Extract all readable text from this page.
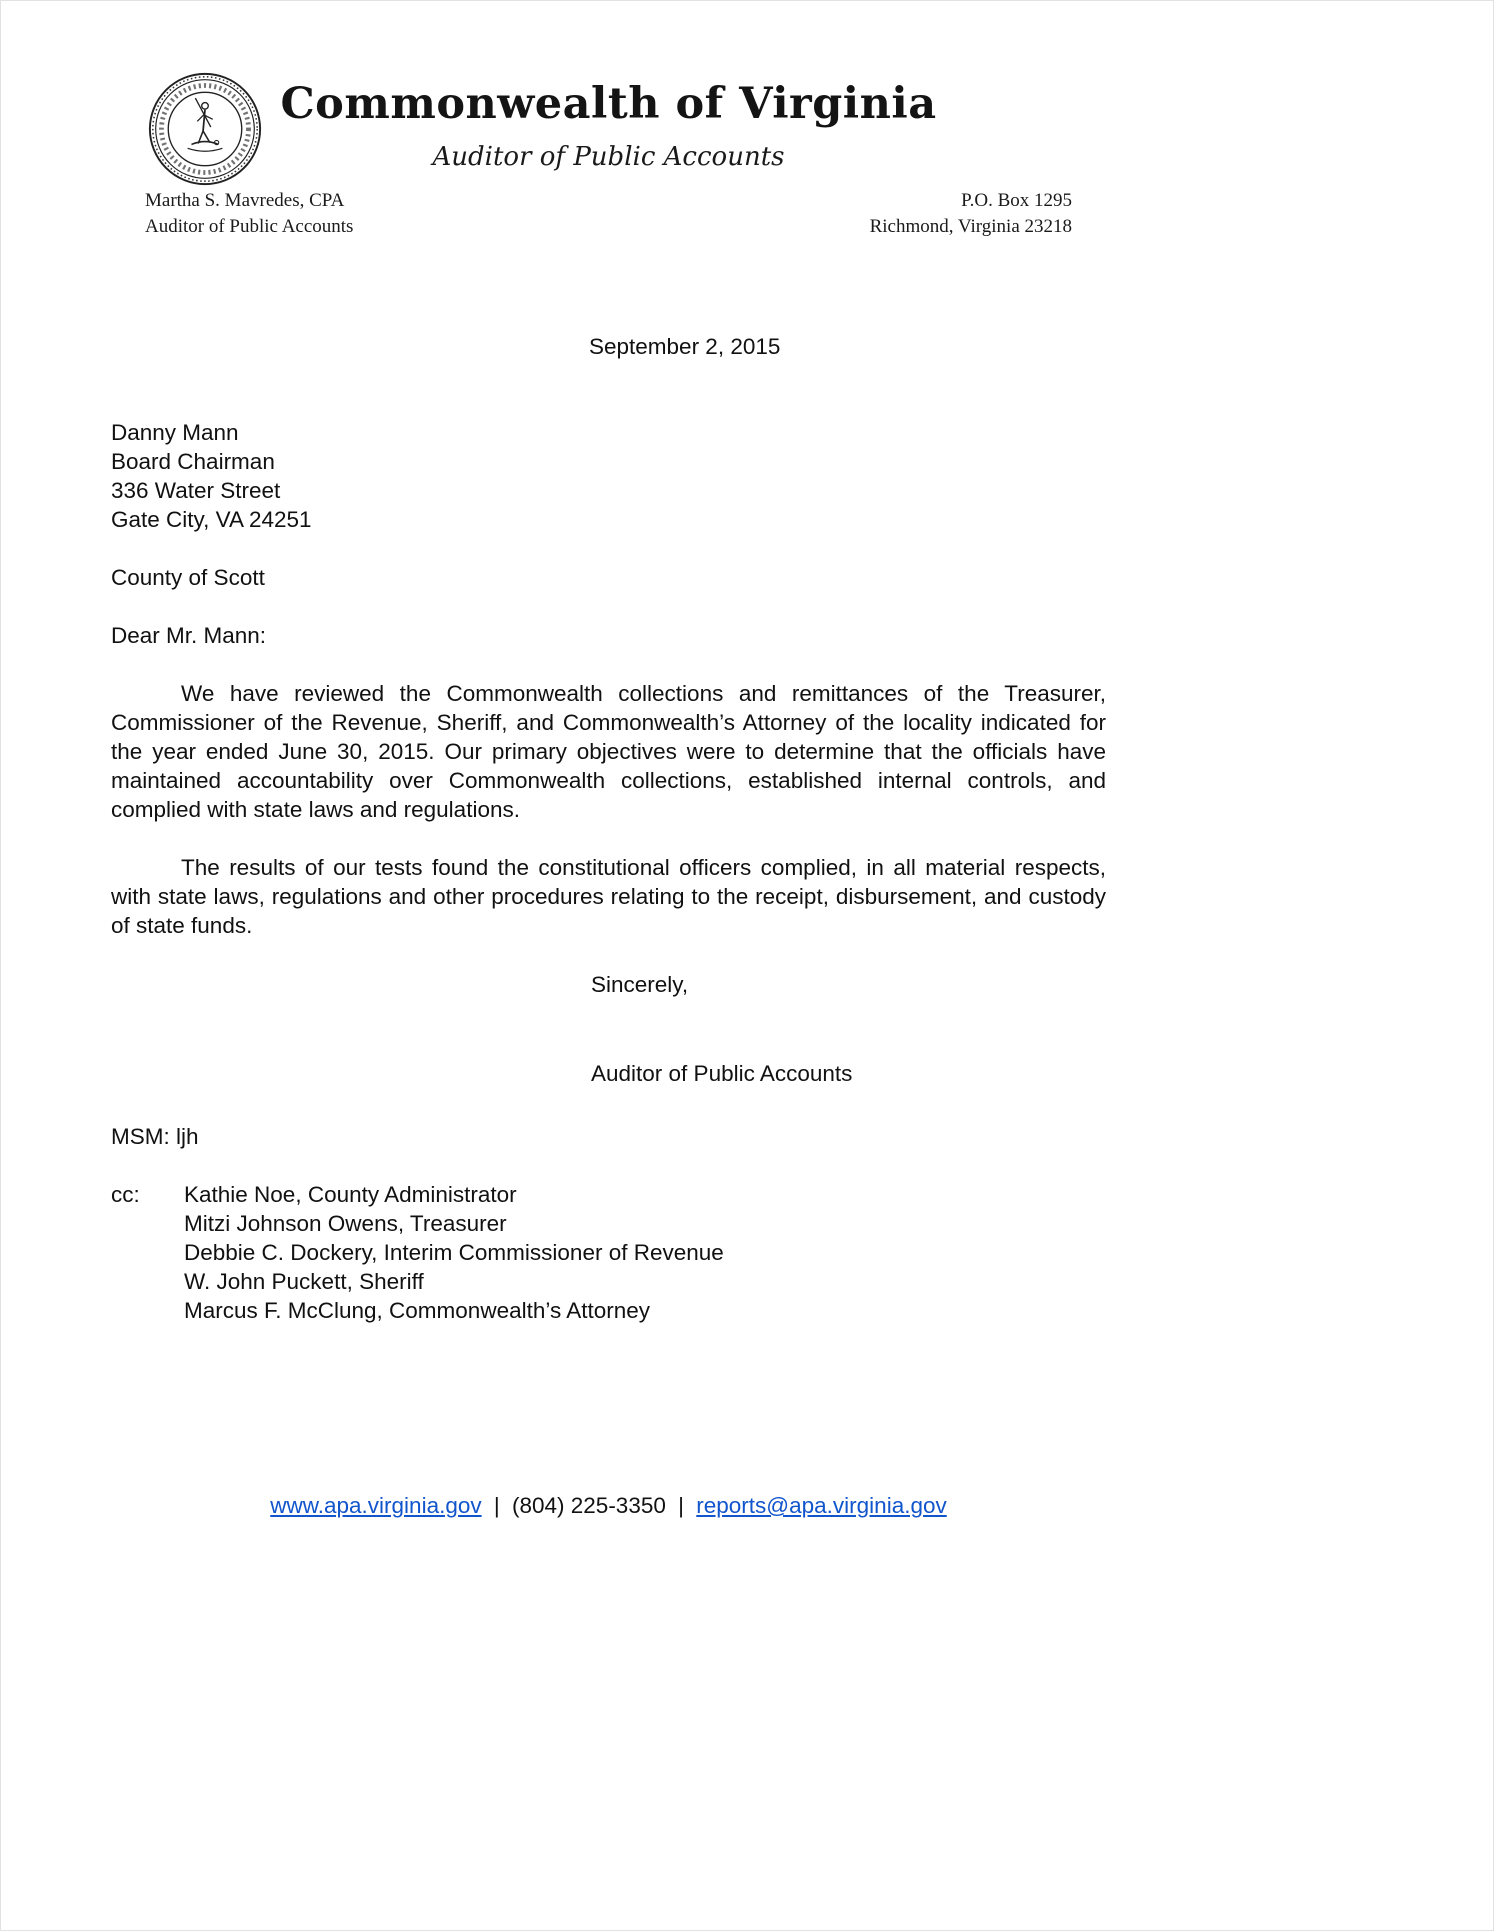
Commonwealth of Virginia
Auditor of Public Accounts
Martha S. Mavredes, CPA
Auditor of Public Accounts
P.O. Box 1295
Richmond, Virginia 23218
September 2, 2015
Danny Mann
Board Chairman
336 Water Street
Gate City, VA 24251
County of Scott
Dear Mr. Mann:

We have reviewed the Commonwealth collections and remittances of the Treasurer, Commissioner of the Revenue, Sheriff, and Commonwealth’s Attorney of the locality indicated for the year ended June 30, 2015. Our primary objectives were to determine that the officials have maintained accountability over Commonwealth collections, established internal controls, and complied with state laws and regulations.

The results of our tests found the constitutional officers complied, in all material respects, with state laws, regulations and other procedures relating to the receipt, disbursement, and custody of state funds.

Sincerely,
Auditor of Public Accounts
MSM: ljh
cc:	Kathie Noe, County Administrator
Mitzi Johnson Owens, Treasurer
Debbie C. Dockery, Interim Commissioner of Revenue
W. John Puckett, Sheriff
Marcus F. McClung, Commonwealth’s Attorney
www.apa.virginia.gov | (804) 225-3350 | reports@apa.virginia.gov
